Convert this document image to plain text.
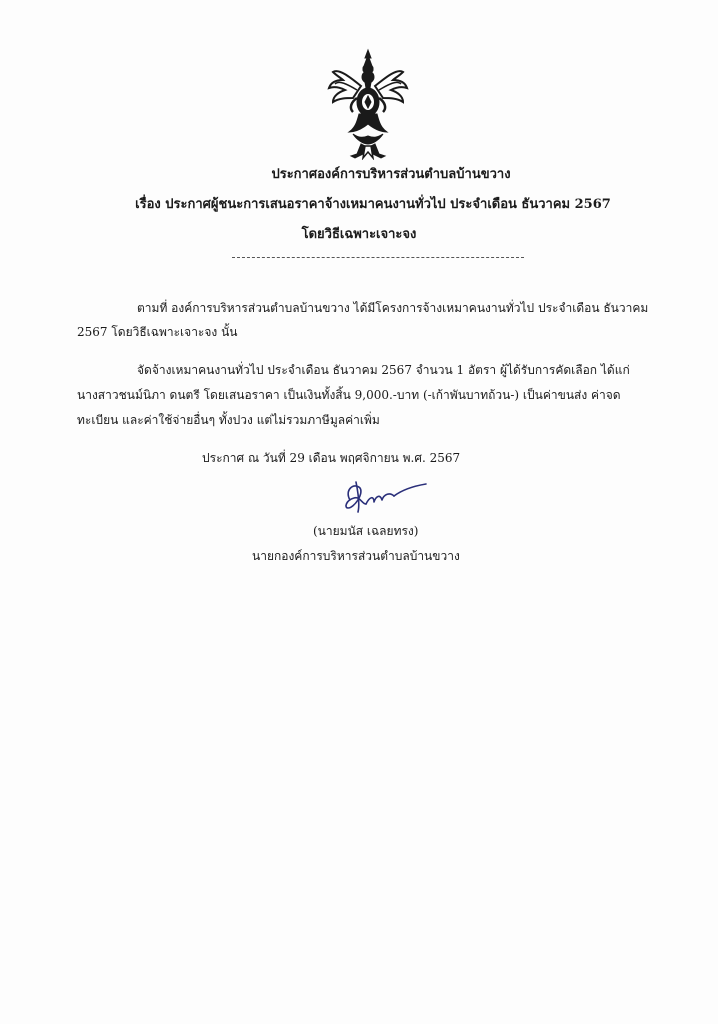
ประกาศองค์การบริหารส่วนตำบลบ้านขวาง
เรื่อง ประกาศผู้ชนะการเสนอราคาจ้างเหมาคนงานทั่วไป ประจำเดือน ธันวาคม 2567
โดยวิธีเฉพาะเจาะจง
ตามที่ องค์การบริหารส่วนตำบลบ้านขวาง ได้มีโครงการจ้างเหมาคนงานทั่วไป ประจำเดือน ธันวาคม
2567 โดยวิธีเฉพาะเจาะจง นั้น
จัดจ้างเหมาคนงานทั่วไป ประจำเดือน ธันวาคม 2567 จำนวน 1 อัตรา ผู้ได้รับการคัดเลือก ได้แก่
นางสาวชนม์นิภา ดนตรี โดยเสนอราคา เป็นเงินทั้งสิ้น 9,000.-บาท (-เก้าพันบาทถ้วน-) เป็นค่าขนส่ง ค่าจด
ทะเบียน และค่าใช้จ่ายอื่นๆ ทั้งปวง แต่ไม่รวมภาษีมูลค่าเพิ่ม
ประกาศ ณ วันที่ 29 เดือน พฤศจิกายน พ.ศ. 2567
(นายมนัส เฉลยทรง)
นายกองค์การบริหารส่วนตำบลบ้านขวาง
